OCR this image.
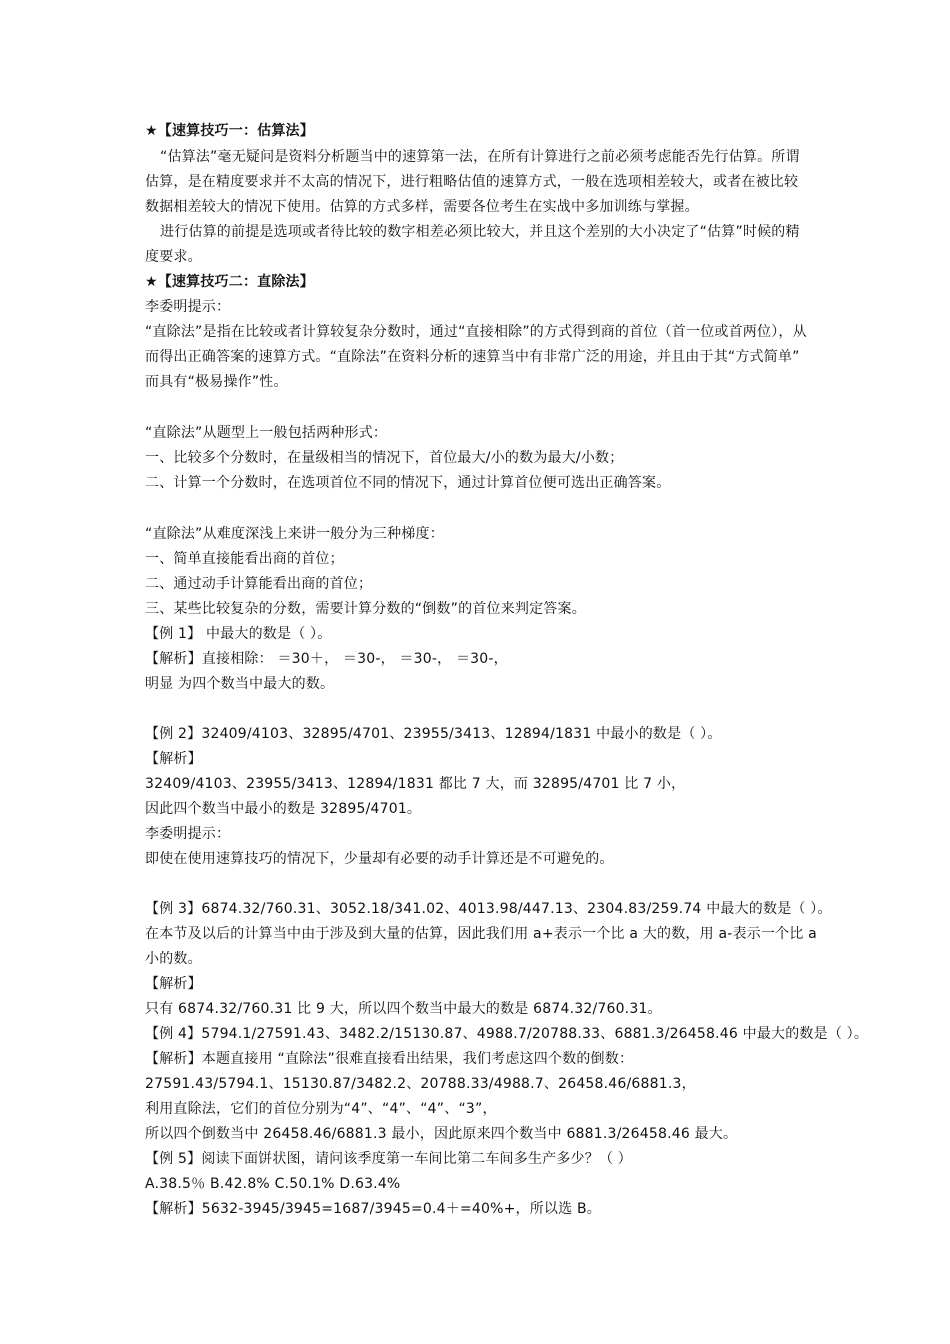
★【速算技巧一：估算法】
“估算法”毫无疑问是资料分析题当中的速算第一法，在所有计算进行之前必须考虑能否先行估算。所谓
估算，是在精度要求并不太高的情况下，进行粗略估值的速算方式，一般在选项相差较大，或者在被比较
数据相差较大的情况下使用。估算的方式多样，需要各位考生在实战中多加训练与掌握。
进行估算的前提是选项或者待比较的数字相差必须比较大，并且这个差别的大小决定了“估算”时候的精
度要求。
★【速算技巧二：直除法】
李委明提示：
“直除法”是指在比较或者计算较复杂分数时，通过“直接相除”的方式得到商的首位（首一位或首两位），从
而得出正确答案的速算方式。“直除法”在资料分析的速算当中有非常广泛的用途，并且由于其“方式简单”
而具有“极易操作”性。
“直除法”从题型上一般包括两种形式：
一、比较多个分数时，在量级相当的情况下，首位最大/小的数为最大/小数；
二、计算一个分数时，在选项首位不同的情况下，通过计算首位便可选出正确答案。
“直除法”从难度深浅上来讲一般分为三种梯度：
一、简单直接能看出商的首位；
二、通过动手计算能看出商的首位；
三、某些比较复杂的分数，需要计算分数的“倒数”的首位来判定答案。
【例 1】 中最大的数是（ ）。
【解析】直接相除： ＝30＋， ＝30-， ＝30-， ＝30-，
明显 为四个数当中最大的数。
【例 2】32409/4103、32895/4701、23955/3413、12894/1831 中最小的数是（ ）。
【解析】
32409/4103、23955/3413、12894/1831 都比 7 大，而 32895/4701 比 7 小，
因此四个数当中最小的数是 32895/4701。
李委明提示：
即使在使用速算技巧的情况下，少量却有必要的动手计算还是不可避免的。
【例 3】6874.32/760.31、3052.18/341.02、4013.98/447.13、2304.83/259.74 中最大的数是（ ）。
在本节及以后的计算当中由于涉及到大量的估算，因此我们用 a+表示一个比 a 大的数，用 a-表示一个比 a
小的数。
【解析】
只有 6874.32/760.31 比 9 大，所以四个数当中最大的数是 6874.32/760.31。
【例 4】5794.1/27591.43、3482.2/15130.87、4988.7/20788.33、6881.3/26458.46 中最大的数是（ ）。
【解析】本题直接用 “直除法”很难直接看出结果，我们考虑这四个数的倒数：
27591.43/5794.1、15130.87/3482.2、20788.33/4988.7、26458.46/6881.3，
利用直除法，它们的首位分别为“4”、“4”、“4”、“3”，
所以四个倒数当中 26458.46/6881.3 最小，因此原来四个数当中 6881.3/26458.46 最大。
【例 5】阅读下面饼状图，请问该季度第一车间比第二车间多生产多少？（ ）
A.38.5％ B.42.8% C.50.1% D.63.4%
【解析】5632-3945/3945=1687/3945=0.4＋=40%+，所以选 B。
